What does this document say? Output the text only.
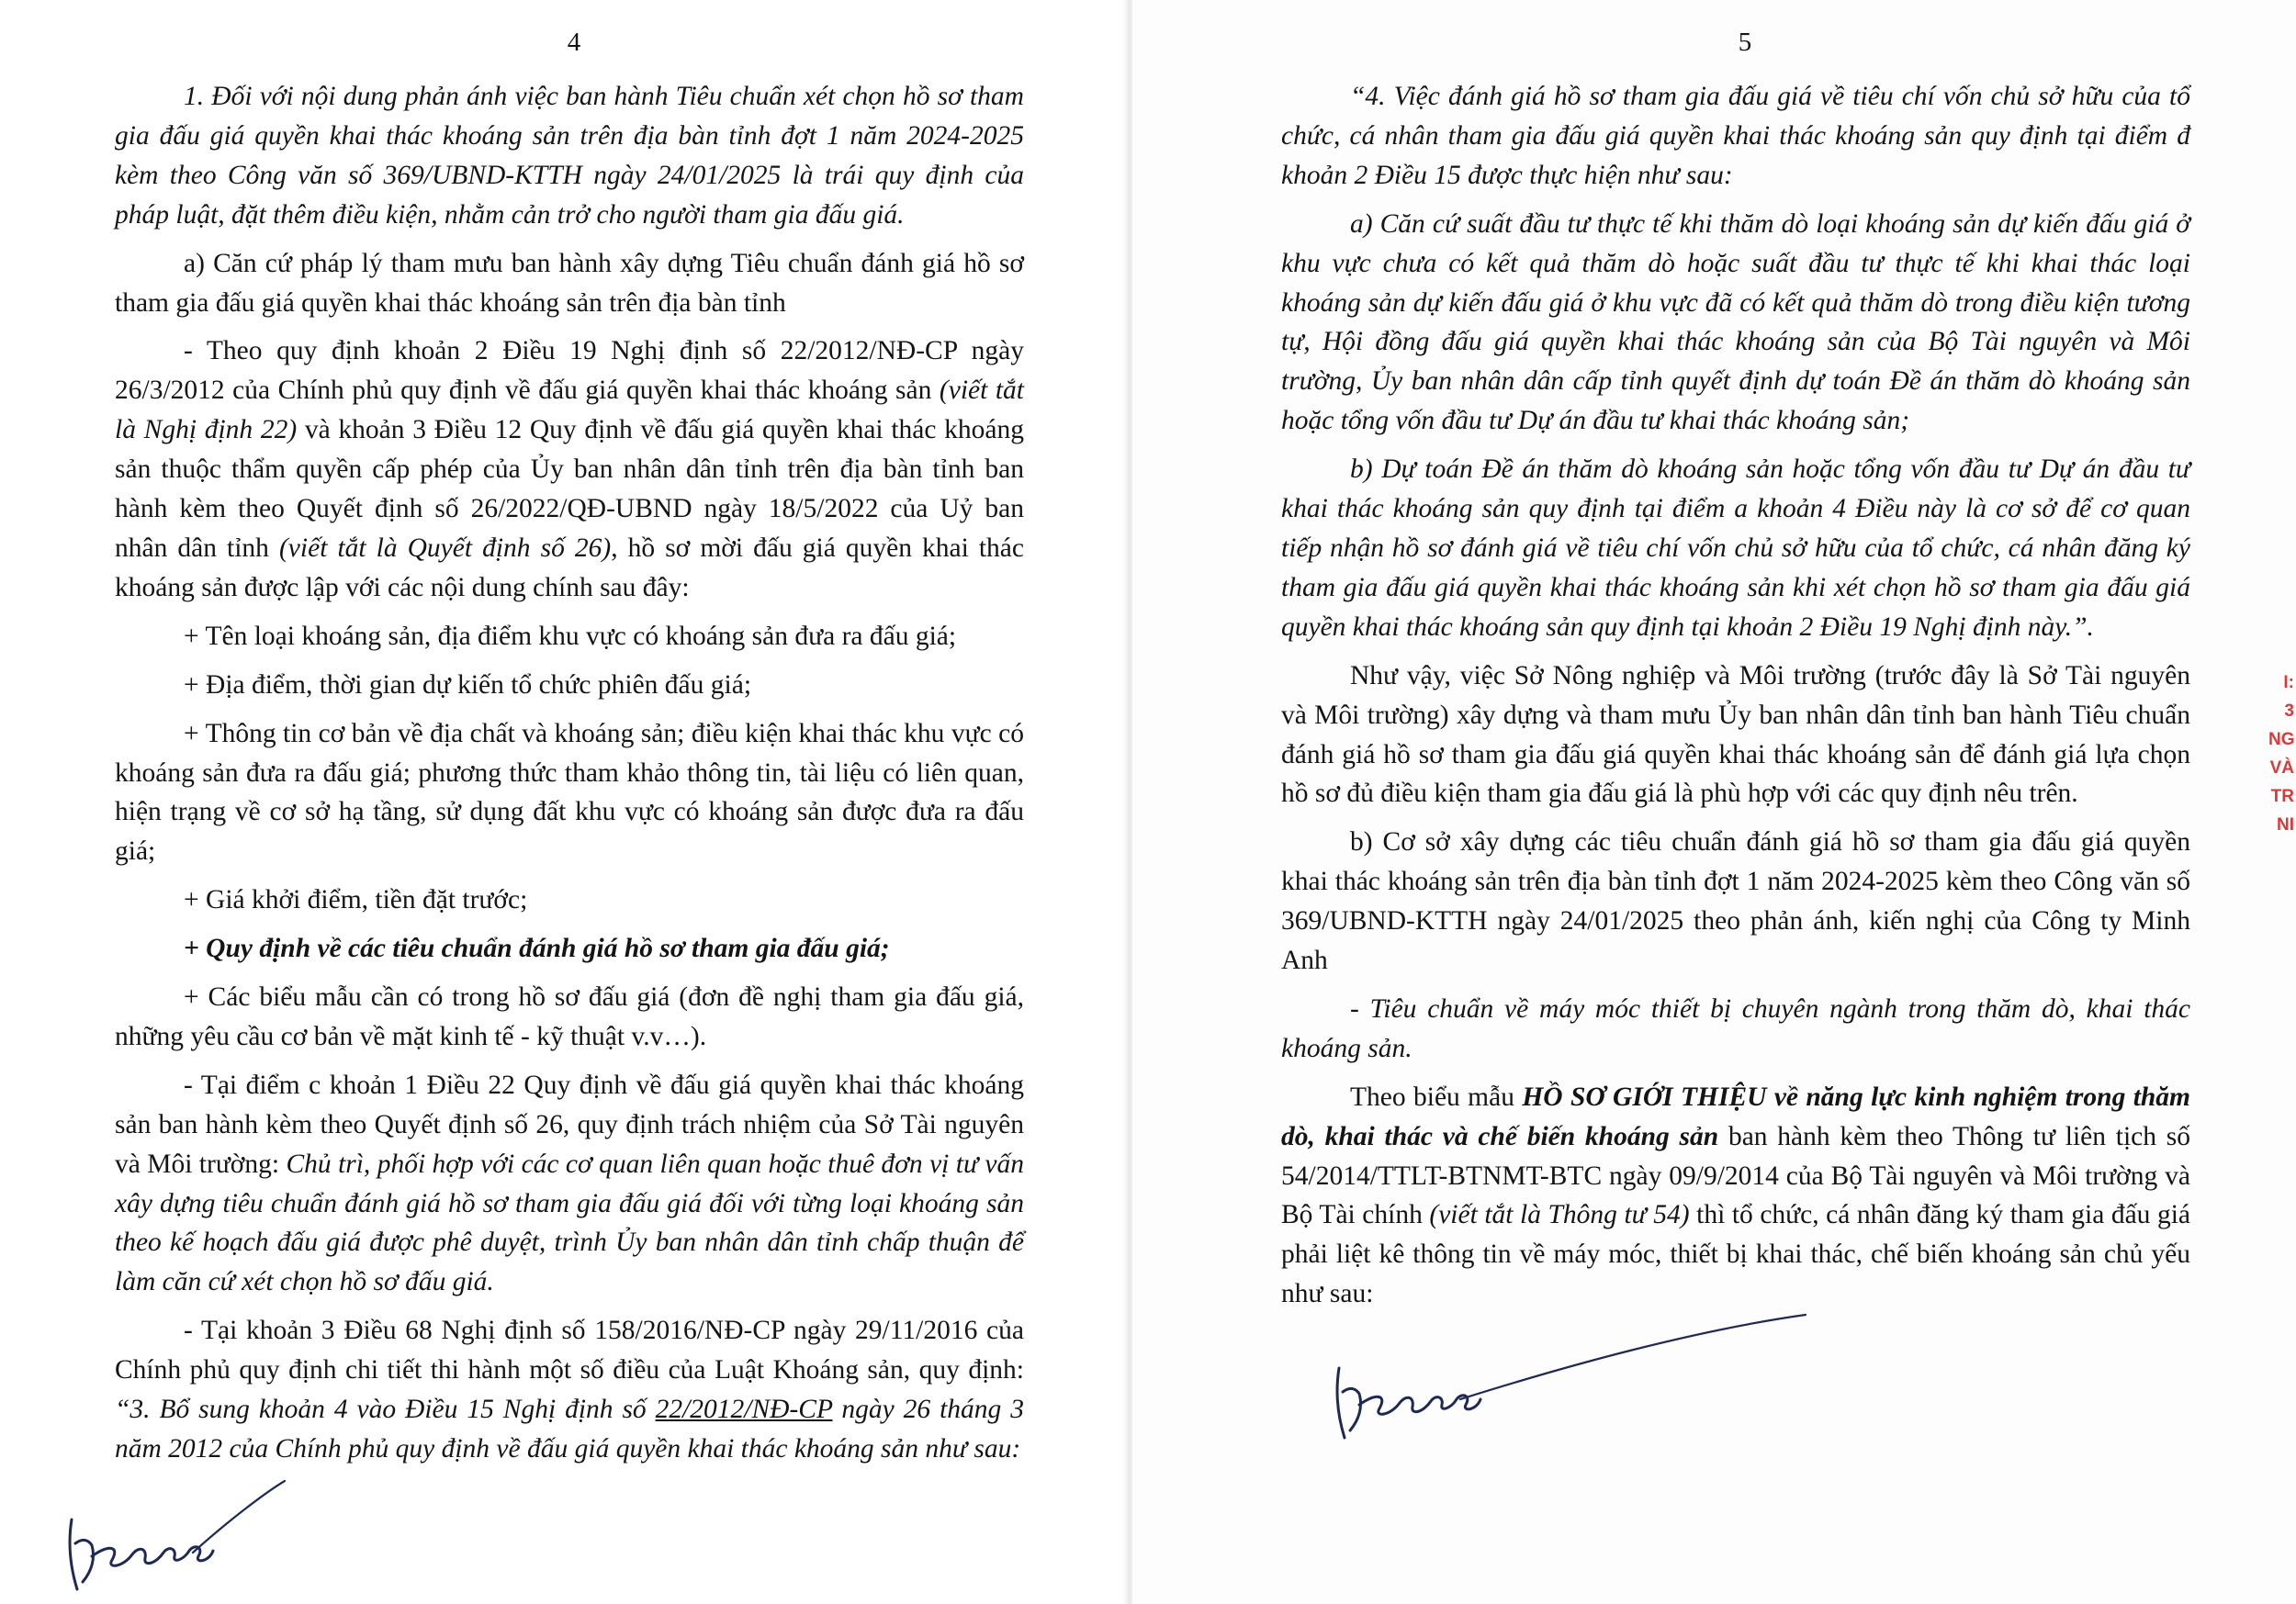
4

1. Đối với nội dung phản ánh việc ban hành Tiêu chuẩn xét chọn hồ sơ tham gia đấu giá quyền khai thác khoáng sản trên địa bàn tỉnh đợt 1 năm 2024-2025 kèm theo Công văn số 369/UBND-KTTH ngày 24/01/2025 là trái quy định của pháp luật, đặt thêm điều kiện, nhằm cản trở cho người tham gia đấu giá.

a) Căn cứ pháp lý tham mưu ban hành xây dựng Tiêu chuẩn đánh giá hồ sơ tham gia đấu giá quyền khai thác khoáng sản trên địa bàn tỉnh

- Theo quy định khoản 2 Điều 19 Nghị định số 22/2012/NĐ-CP ngày 26/3/2012 của Chính phủ quy định về đấu giá quyền khai thác khoáng sản (viết tắt là Nghị định 22) và khoản 3 Điều 12 Quy định về đấu giá quyền khai thác khoáng sản thuộc thẩm quyền cấp phép của Ủy ban nhân dân tỉnh trên địa bàn tỉnh ban hành kèm theo Quyết định số 26/2022/QĐ-UBND ngày 18/5/2022 của Uỷ ban nhân dân tỉnh (viết tắt là Quyết định số 26), hồ sơ mời đấu giá quyền khai thác khoáng sản được lập với các nội dung chính sau đây:

+ Tên loại khoáng sản, địa điểm khu vực có khoáng sản đưa ra đấu giá;

+ Địa điểm, thời gian dự kiến tổ chức phiên đấu giá;

+ Thông tin cơ bản về địa chất và khoáng sản; điều kiện khai thác khu vực có khoáng sản đưa ra đấu giá; phương thức tham khảo thông tin, tài liệu có liên quan, hiện trạng về cơ sở hạ tầng, sử dụng đất khu vực có khoáng sản được đưa ra đấu giá;

+ Giá khởi điểm, tiền đặt trước;

+ Quy định về các tiêu chuẩn đánh giá hồ sơ tham gia đấu giá;

+ Các biểu mẫu cần có trong hồ sơ đấu giá (đơn đề nghị tham gia đấu giá, những yêu cầu cơ bản về mặt kinh tế - kỹ thuật v.v…).

- Tại điểm c khoản 1 Điều 22 Quy định về đấu giá quyền khai thác khoáng sản ban hành kèm theo Quyết định số 26, quy định trách nhiệm của Sở Tài nguyên và Môi trường: Chủ trì, phối hợp với các cơ quan liên quan hoặc thuê đơn vị tư vấn xây dựng tiêu chuẩn đánh giá hồ sơ tham gia đấu giá đối với từng loại khoáng sản theo kế hoạch đấu giá được phê duyệt, trình Ủy ban nhân dân tỉnh chấp thuận để làm căn cứ xét chọn hồ sơ đấu giá.

- Tại khoản 3 Điều 68 Nghị định số 158/2016/NĐ-CP ngày 29/11/2016 của Chính phủ quy định chi tiết thi hành một số điều của Luật Khoáng sản, quy định: “3. Bổ sung khoản 4 vào Điều 15 Nghị định số 22/2012/NĐ-CP ngày 26 tháng 3 năm 2012 của Chính phủ quy định về đấu giá quyền khai thác khoáng sản như sau:

5

“4. Việc đánh giá hồ sơ tham gia đấu giá về tiêu chí vốn chủ sở hữu của tổ chức, cá nhân tham gia đấu giá quyền khai thác khoáng sản quy định tại điểm đ khoản 2 Điều 15 được thực hiện như sau:

a) Căn cứ suất đầu tư thực tế khi thăm dò loại khoáng sản dự kiến đấu giá ở khu vực chưa có kết quả thăm dò hoặc suất đầu tư thực tế khi khai thác loại khoáng sản dự kiến đấu giá ở khu vực đã có kết quả thăm dò trong điều kiện tương tự, Hội đồng đấu giá quyền khai thác khoáng sản của Bộ Tài nguyên và Môi trường, Ủy ban nhân dân cấp tỉnh quyết định dự toán Đề án thăm dò khoáng sản hoặc tổng vốn đầu tư Dự án đầu tư khai thác khoáng sản;

b) Dự toán Đề án thăm dò khoáng sản hoặc tổng vốn đầu tư Dự án đầu tư khai thác khoáng sản quy định tại điểm a khoản 4 Điều này là cơ sở để cơ quan tiếp nhận hồ sơ đánh giá về tiêu chí vốn chủ sở hữu của tổ chức, cá nhân đăng ký tham gia đấu giá quyền khai thác khoáng sản khi xét chọn hồ sơ tham gia đấu giá quyền khai thác khoáng sản quy định tại khoản 2 Điều 19 Nghị định này.”.

Như vậy, việc Sở Nông nghiệp và Môi trường (trước đây là Sở Tài nguyên và Môi trường) xây dựng và tham mưu Ủy ban nhân dân tỉnh ban hành Tiêu chuẩn đánh giá hồ sơ tham gia đấu giá quyền khai thác khoáng sản để đánh giá lựa chọn hồ sơ đủ điều kiện tham gia đấu giá là phù hợp với các quy định nêu trên.

b) Cơ sở xây dựng các tiêu chuẩn đánh giá hồ sơ tham gia đấu giá quyền khai thác khoáng sản trên địa bàn tỉnh đợt 1 năm 2024-2025 kèm theo Công văn số 369/UBND-KTTH ngày 24/01/2025 theo phản ánh, kiến nghị của Công ty Minh Anh

- Tiêu chuẩn về máy móc thiết bị chuyên ngành trong thăm dò, khai thác khoáng sản.

Theo biểu mẫu HỒ SƠ GIỚI THIỆU về năng lực kinh nghiệm trong thăm dò, khai thác và chế biến khoáng sản ban hành kèm theo Thông tư liên tịch số 54/2014/TTLT-BTNMT-BTC ngày 09/9/2014 của Bộ Tài nguyên và Môi trường và Bộ Tài chính (viết tắt là Thông tư 54) thì tổ chức, cá nhân đăng ký tham gia đấu giá phải liệt kê thông tin về máy móc, thiết bị khai thác, chế biến khoáng sản chủ yếu như sau:

I:
3
NG
VÀ
TR
NI
